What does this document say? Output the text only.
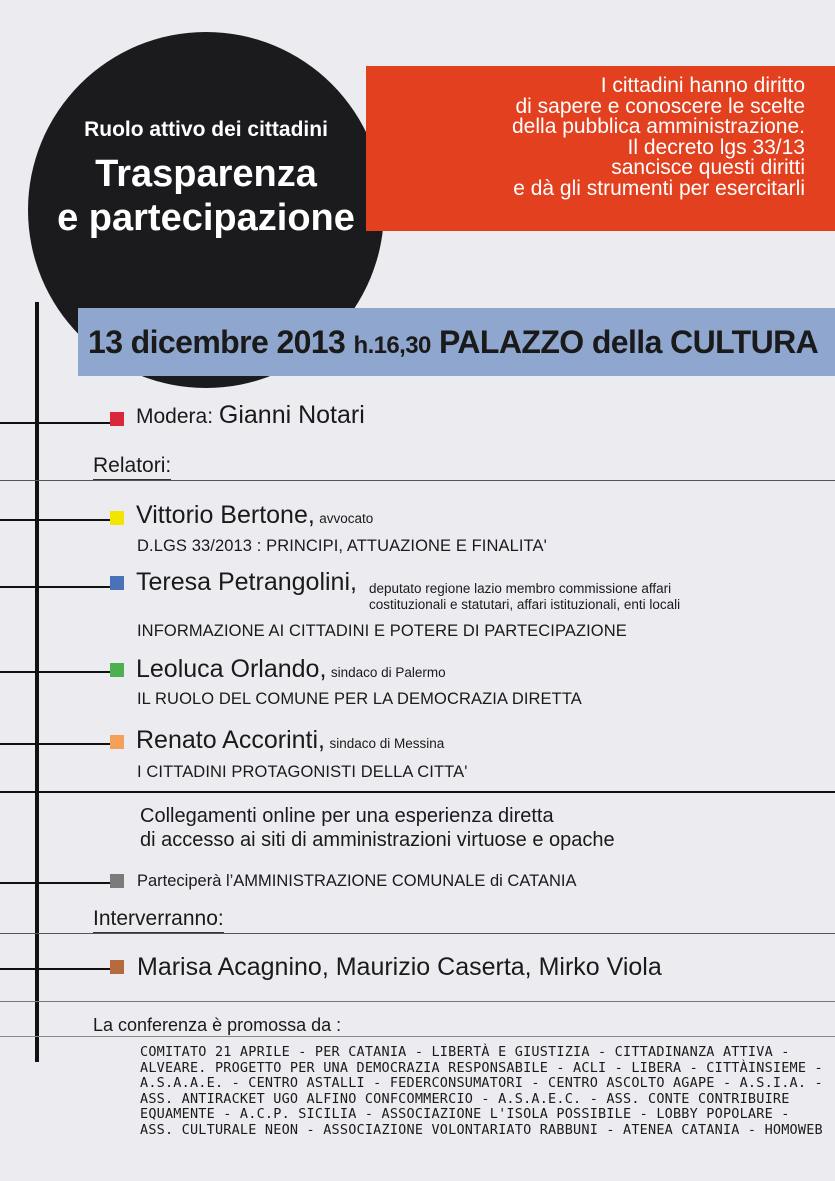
Ruolo attivo dei cittadini
Trasparenza
e partecipazione
I cittadini hanno diritto
di sapere e conoscere le scelte
della pubblica amministrazione.
Il decreto lgs 33/13
sancisce questi diritti
e dà gli strumenti per esercitarli
13 dicembre 2013 h.16,30 PALAZZO della CULTURA
Modera: Gianni Notari
Relatori:
Vittorio Bertone, avvocato
D.LGS 33/2013 : PRINCIPI, ATTUAZIONE E FINALITA'
Teresa Petrangolini, deputato regione lazio membro commissione affari
costituzionali e statutari, affari istituzionali, enti locali
INFORMAZIONE AI CITTADINI E POTERE DI PARTECIPAZIONE
Leoluca Orlando, sindaco di Palermo
IL RUOLO DEL COMUNE PER LA DEMOCRAZIA DIRETTA
Renato Accorinti, sindaco di Messina
I CITTADINI PROTAGONISTI DELLA CITTA'
Collegamenti online per una esperienza diretta
di accesso ai siti di amministrazioni virtuose e opache
Parteciperà l’AMMINISTRAZIONE COMUNALE di CATANIA
Interverranno:
Marisa Acagnino, Maurizio Caserta, Mirko Viola
La conferenza è promossa da :
COMITATO 21 APRILE - PER CATANIA - LIBERTÀ E GIUSTIZIA - CITTADINANZA ATTIVA -
ALVEARE. PROGETTO PER UNA DEMOCRAZIA RESPONSABILE - ACLI - LIBERA - CITTÀINSIEME -
A.S.A.A.E. - CENTRO ASTALLI - FEDERCONSUMATORI - CENTRO ASCOLTO AGAPE - A.S.I.A. -
ASS. ANTIRACKET UGO ALFINO CONFCOMMERCIO - A.S.A.E.C. - ASS. CONTE CONTRIBUIRE
EQUAMENTE - A.C.P. SICILIA - ASSOCIAZIONE L'ISOLA POSSIBILE - LOBBY POPOLARE -
ASS. CULTURALE NEON - ASSOCIAZIONE VOLONTARIATO RABBUNI - ATENEA CATANIA - HOMOWEB
